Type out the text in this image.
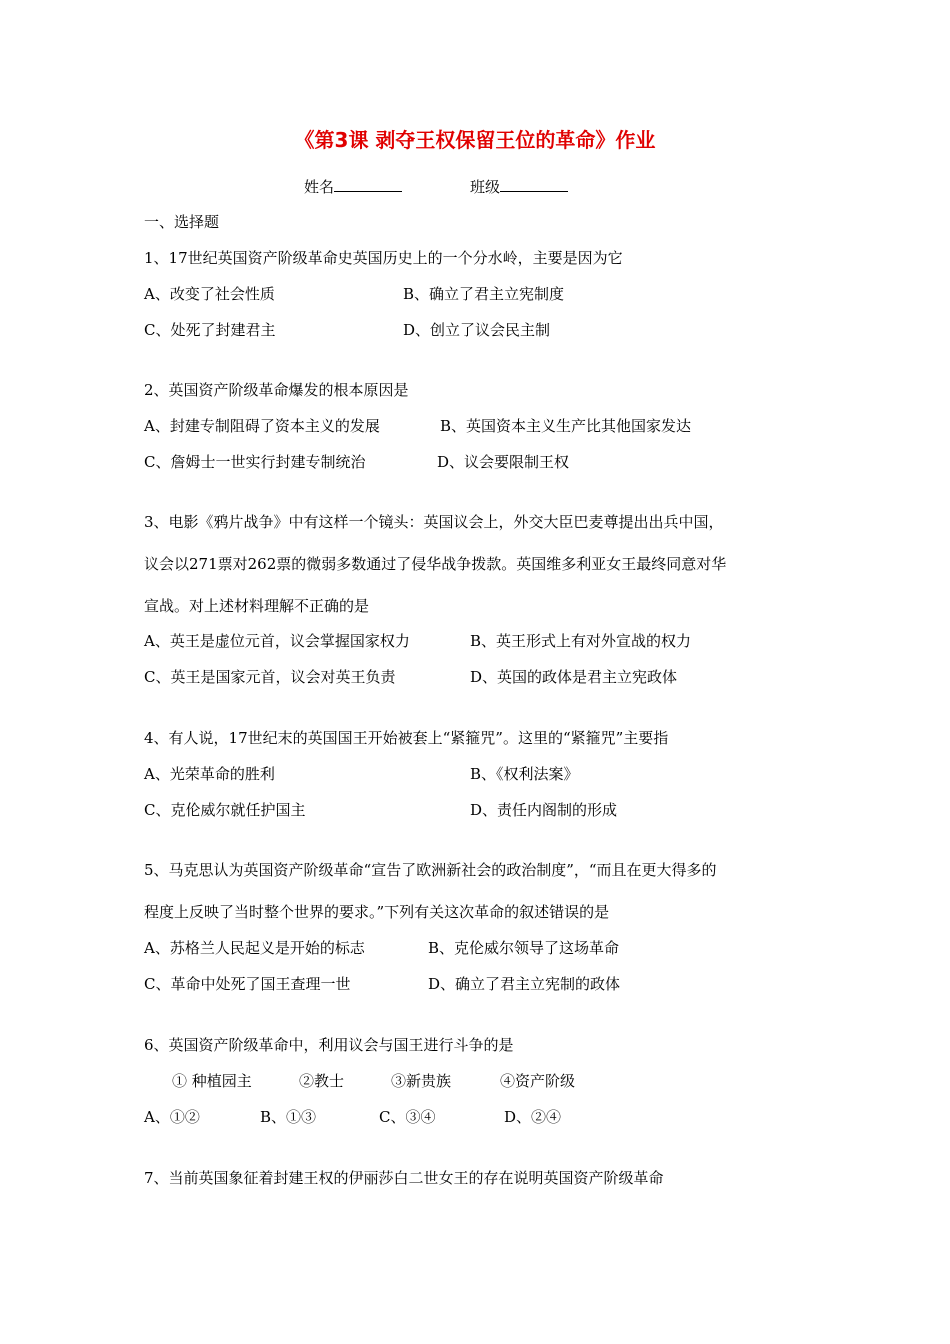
《第3课 剥夺王权保留王位的革命》作业
姓名	班级
一、选择题
1、17世纪英国资产阶级革命史英国历史上的一个分水岭，主要是因为它
A、改变了社会性质	B、确立了君主立宪制度
C、处死了封建君主	D、创立了议会民主制
2、英国资产阶级革命爆发的根本原因是
A、封建专制阻碍了资本主义的发展	B、英国资本主义生产比其他国家发达
C、詹姆士一世实行封建专制统治	D、议会要限制王权
3、电影《鸦片战争》中有这样一个镜头：英国议会上，外交大臣巴麦尊提出出兵中国，
议会以271票对262票的微弱多数通过了侵华战争拨款。英国维多利亚女王最终同意对华
宣战。对上述材料理解不正确的是
A、英王是虚位元首，议会掌握国家权力	B、英王形式上有对外宣战的权力
C、英王是国家元首，议会对英王负责	D、英国的政体是君主立宪政体
4、有人说，17世纪末的英国国王开始被套上“紧箍咒”。这里的“紧箍咒”主要指
A、光荣革命的胜利	B、《权利法案》
C、克伦威尔就任护国主	D、责任内阁制的形成
5、马克思认为英国资产阶级革命“宣告了欧洲新社会的政治制度”，“而且在更大得多的
程度上反映了当时整个世界的要求。”下列有关这次革命的叙述错误的是
A、苏格兰人民起义是开始的标志	B、克伦威尔领导了这场革命
C、革命中处死了国王查理一世	D、确立了君主立宪制的政体
6、英国资产阶级革命中，利用议会与国王进行斗争的是
① 种植园主	②教士	③新贵族	④资产阶级
A、①②	B、①③	C、③④	D、②④
7、当前英国象征着封建王权的伊丽莎白二世女王的存在说明英国资产阶级革命
